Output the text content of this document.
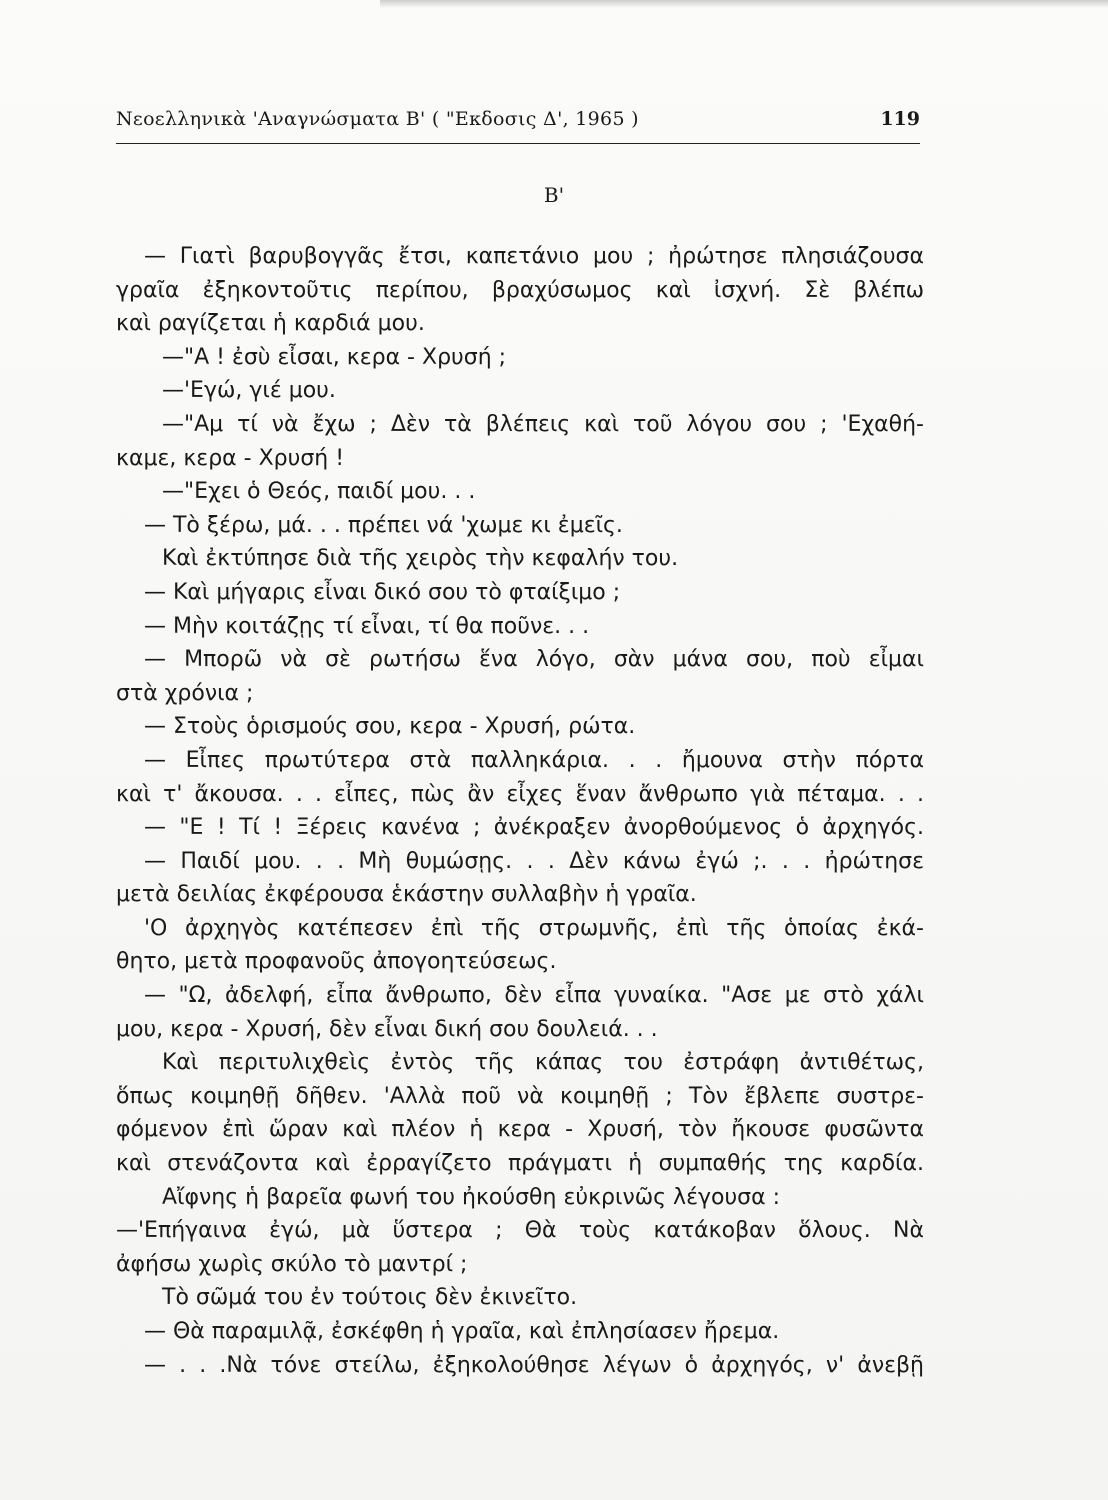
Νεοελληνικὰ 'Αναγνώσματα Β' ( "Εκδοσις Δ', 1965 )	119
Β'
— Γιατὶ βαρυβογγᾶς ἔτσι, καπετάνιο μου ; ἠρώτησε πλησιάζουσα
γραῖα ἐξηκοντοῦτις περίπου, βραχύσωμος καὶ ἰσχνή. Σὲ βλέπω
καὶ ραγίζεται ἡ καρδιά μου.
—"Α ! ἐσὺ εἶσαι, κερα - Χρυσή ;
—'Εγώ, γιέ μου.
—"Αμ τί νὰ ἔχω ; Δὲν τὰ βλέπεις καὶ τοῦ λόγου σου ; 'Εχαθή-
καμε, κερα - Χρυσή !
—"Εχει ὁ Θεός, παιδί μου. . .
— Τὸ ξέρω, μά. . . πρέπει νά 'χωμε κι ἐμεῖς.
Καὶ ἐκτύπησε διὰ τῆς χειρὸς τὴν κεφαλήν του.
— Καὶ μήγαρις εἶναι δικό σου τὸ φταίξιμο ;
— Μὴν κοιτάζῃς τί εἶναι, τί θα ποῦνε. . .
— Μπορῶ νὰ σὲ ρωτήσω ἕνα λόγο, σὰν μάνα σου, ποὺ εἶμαι
στὰ χρόνια ;
— Στοὺς ὁρισμούς σου, κερα - Χρυσή, ρώτα.
— Εἶπες πρωτύτερα στὰ παλληκάρια. . . ἤμουνα στὴν πόρτα
καὶ τ' ἄκουσα. . . εἶπες, πὼς ἂν εἶχες ἕναν ἄνθρωπο γιὰ πέταμα. . .
— "Ε ! Τί ! Ξέρεις κανένα ; ἀνέκραξεν ἀνορθούμενος ὁ ἀρχηγός.
— Παιδί μου. . . Μὴ θυμώσῃς. . . Δὲν κάνω ἐγώ ;. . . ἠρώτησε
μετὰ δειλίας ἐκφέρουσα ἑκάστην συλλαβὴν ἡ γραῖα.
'Ο ἀρχηγὸς κατέπεσεν ἐπὶ τῆς στρωμνῆς, ἐπὶ τῆς ὁποίας ἐκά-
θητο, μετὰ προφανοῦς ἀπογοητεύσεως.
— "Ω, ἀδελφή, εἶπα ἄνθρωπο, δὲν εἶπα γυναίκα. "Ασε με στὸ χάλι
μου, κερα - Χρυσή, δὲν εἶναι δική σου δουλειά. . .
Καὶ περιτυλιχθεὶς ἐντὸς τῆς κάπας του ἐστράφη ἀντιθέτως,
ὅπως κοιμηθῇ δῆθεν. 'Αλλὰ ποῦ νὰ κοιμηθῇ ; Τὸν ἔβλεπε συστρε-
φόμενον ἐπὶ ὥραν καὶ πλέον ἡ κερα - Χρυσή, τὸν ἤκουσε φυσῶντα
καὶ στενάζοντα καὶ ἐρραγίζετο πράγματι ἡ συμπαθής της καρδία.
Αἴφνης ἡ βαρεῖα φωνή του ἠκούσθη εὐκρινῶς λέγουσα :
—'Επήγαινα ἐγώ, μὰ ὕστερα ; Θὰ τοὺς κατάκοβαν ὅλους. Νὰ
ἀφήσω χωρὶς σκύλο τὸ μαντρί ;
Τὸ σῶμά του ἐν τούτοις δὲν ἐκινεῖτο.
— Θὰ παραμιλᾷ, ἐσκέφθη ἡ γραῖα, καὶ ἐπλησίασεν ἤρεμα.
— . . .Νὰ τόνε στείλω, ἐξηκολούθησε λέγων ὁ ἀρχηγός, ν' ἀνεβῇ
